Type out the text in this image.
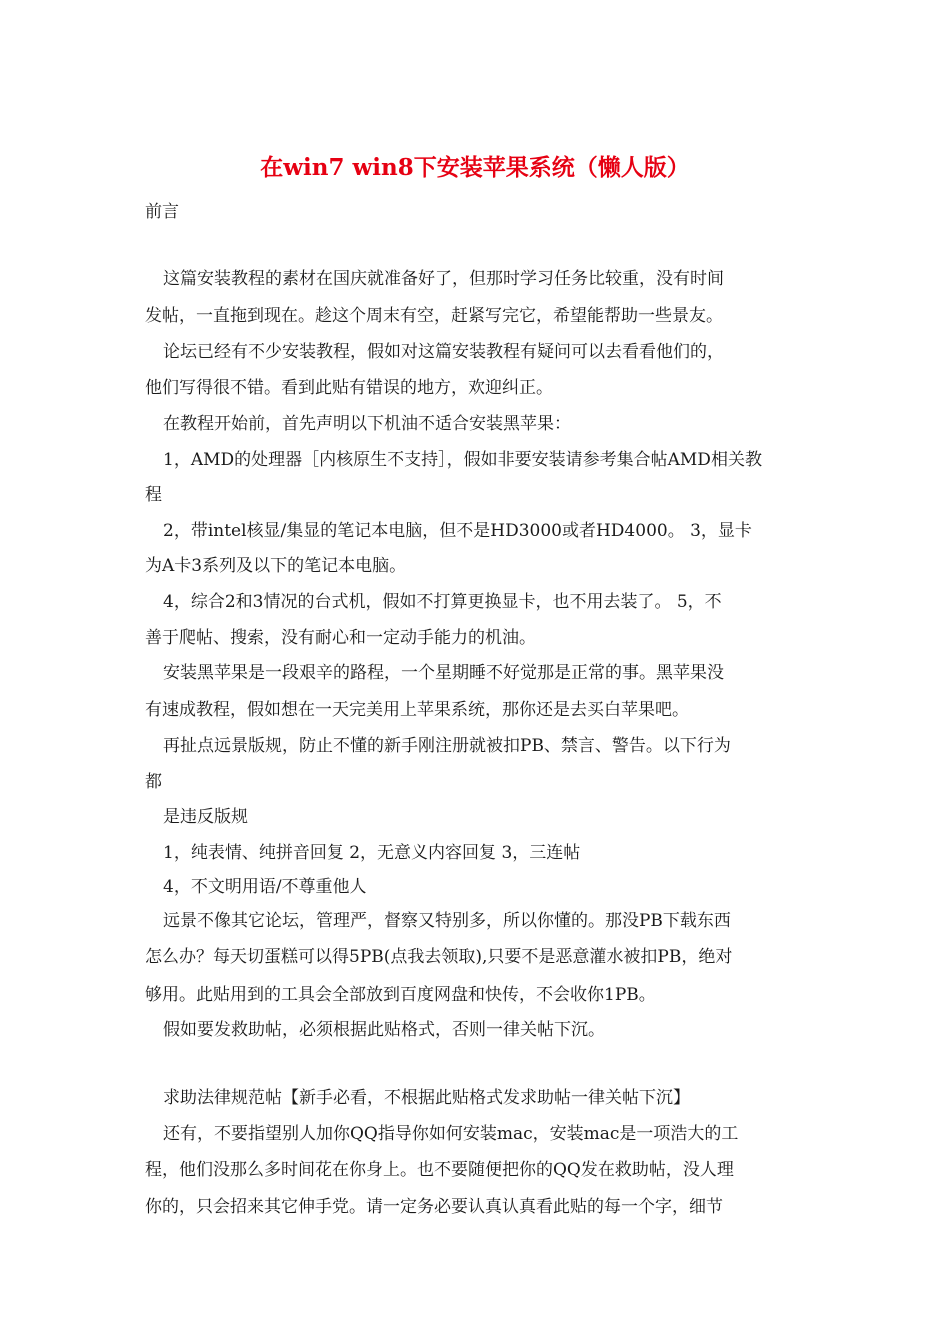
在win7 win8下安装苹果系统（懒人版）

前言

这篇安装教程的素材在国庆就准备好了，但那时学习任务比较重，没有时间

发帖，一直拖到现在。趁这个周末有空，赶紧写完它，希望能帮助一些景友。

论坛已经有不少安装教程，假如对这篇安装教程有疑问可以去看看他们的，

他们写得很不错。看到此贴有错误的地方，欢迎纠正。

在教程开始前，首先声明以下机油不适合安装黑苹果：

1，AMD的处理器［内核原生不支持］，假如非要安装请参考集合帖AMD相关教

程

2，带intel核显/集显的笔记本电脑，但不是HD3000或者HD4000。 3，显卡

为A卡3系列及以下的笔记本电脑。

4，综合2和3情况的台式机，假如不打算更换显卡，也不用去装了。 5，不

善于爬帖、搜索，没有耐心和一定动手能力的机油。

安装黑苹果是一段艰辛的路程，一个星期睡不好觉那是正常的事。黑苹果没

有速成教程，假如想在一天完美用上苹果系统，那你还是去买白苹果吧。

再扯点远景版规，防止不懂的新手刚注册就被扣PB、禁言、警告。以下行为

都

是违反版规

1，纯表情、纯拼音回复 2，无意义内容回复 3，三连帖

4，不文明用语/不尊重他人

远景不像其它论坛，管理严，督察又特别多，所以你懂的。那没PB下载东西

怎么办？每天切蛋糕可以得5PB(点我去领取),只要不是恶意灌水被扣PB，绝对

够用。此贴用到的工具会全部放到百度网盘和快传，不会收你1PB。

假如要发救助帖，必须根据此贴格式，否则一律关帖下沉。

求助法律规范帖【新手必看，不根据此贴格式发求助帖一律关帖下沉】

还有，不要指望别人加你QQ指导你如何安装mac，安装mac是一项浩大的工

程，他们没那么多时间花在你身上。也不要随便把你的QQ发在救助帖，没人理

你的，只会招来其它伸手党。请一定务必要认真认真看此贴的每一个字，细节
